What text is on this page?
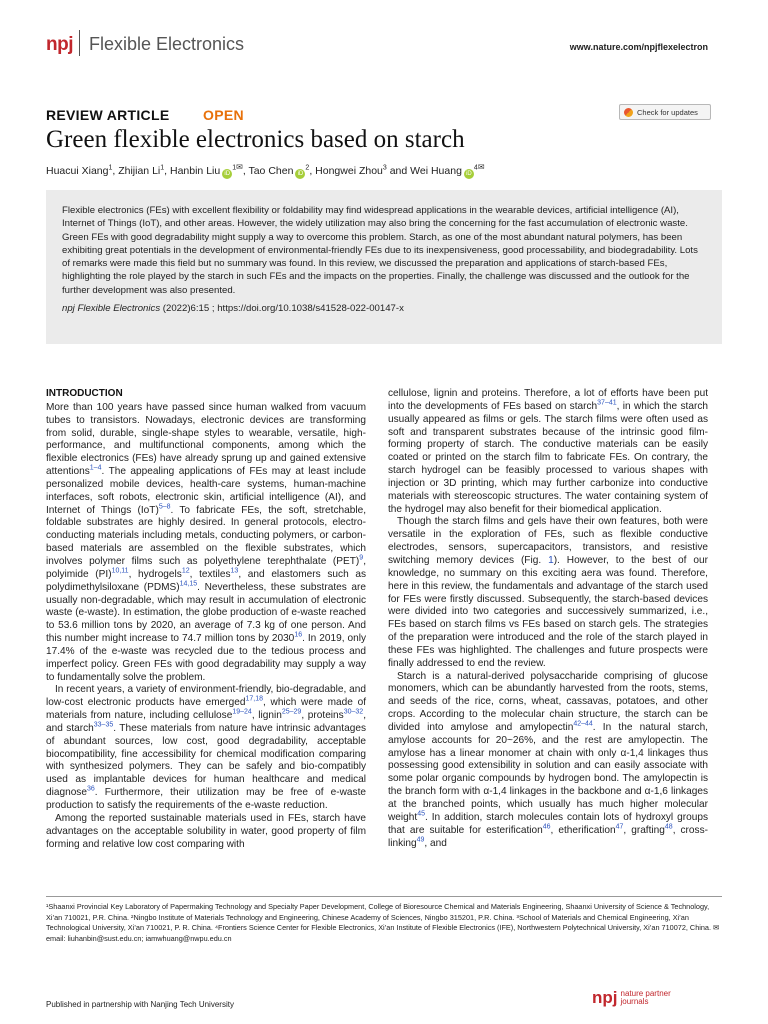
npj Flexible Electronics	www.nature.com/npjflexelectron
REVIEW ARTICLE OPEN	Check for updates
Green flexible electronics based on starch
Huacui Xiang$^1$, Zhijian Li$^1$, Hanbin Liu $iD^{1✉}$, Tao Chen $iD^2$, Hongwei Zhou$^3$ and Wei Huang $iD^{4✉}$

Flexible electronics (FEs) with excellent flexibility or foldability may find widespread applications in the wearable devices, artificial intelligence (AI), Internet of Things (IoT), and other areas. However, the widely utilization may also bring the concerning for the fast accumulation of electronic waste. Green FEs with good degradability might supply a way to overcome this problem. Starch, as one of the most abundant natural polymers, has been exhibiting great potentials in the development of environmental-friendly FEs due to its inexpensiveness, good processability, and biodegradability. Lots of remarks were made this field but no summary was found. In this review, we discussed the preparation and applications of starch-based FEs, highlighting the role played by the starch in such FEs and the impacts on the properties. Finally, the challenge was discussed and the outlook for the further development was also presented.

npj Flexible Electronics (2022)6:15 ; https://doi.org/10.1038/s41528-022-00147-x
INTRODUCTION

More than 100 years have passed since human walked from vacuum tubes to transistors. Nowadays, electronic devices are transforming from solid, durable, single-shape styles to wearable, versatile, high-performance, and multifunctional components, among which the flexible electronics (FEs) have already sprung up and gained extensive attentions$^{1-4}$. The appealing applications of FEs may at least include personalized mobile devices, health-care systems, human-machine interfaces, soft robots, electronic skin, artificial intelligence (AI), and Internet of Things (IoT)$^{5-8}$. To fabricate FEs, the soft, stretchable, foldable substrates are highly desired. In general protocols, electro-conducting materials including metals, conducting polymers, or carbon-based materials are assembled on the flexible substrates, which involves polymer films such as polyethylene terephthalate (PET)$^9$, polyimide (PI)$^{10,11}$, hydrogels$^{12}$, textiles$^{13}$, and elastomers such as polydimethylsiloxane (PDMS)$^{14,15}$. Nevertheless, these substrates are usually non-degradable, which may result in accumulation of electronic waste (e-waste). In estimation, the globe production of e-waste reached to 53.6 million tons by 2020, an average of 7.3 kg of one person. And this number might increase to 74.7 million tons by 2030$^{16}$. In 2019, only 17.4% of the e-waste was recycled due to the tedious process and imperfect policy. Green FEs with good degradability may supply a way to fundamentally solve the problem.

In recent years, a variety of environment-friendly, bio-degradable, and low-cost electronic products have emerged$^{17,18}$, which were made of materials from nature, including cellulose$^{19-24}$, lignin$^{25-29}$, proteins$^{30-32}$, and starch$^{33-35}$. These materials from nature have intrinsic advantages of abundant sources, low cost, good degradability, acceptable biocompatibility, fine accessibility for chemical modification comparing with synthesized polymers. They can be safely and bio-compatibly used as implantable devices for human healthcare and medical diagnose$^{36}$. Furthermore, their utilization may be free of e-waste production to satisfy the requirements of the e-waste reduction.

Among the reported sustainable materials used in FEs, starch have advantages on the acceptable solubility in water, good property of film forming and relative low cost comparing with

cellulose, lignin and proteins. Therefore, a lot of efforts have been put into the developments of FEs based on starch$^{37-41}$, in which the starch usually appeared as films or gels. The starch films were often used as soft and transparent substrates because of the intrinsic good film-forming property of starch. The conductive materials can be easily coated or printed on the starch film to fabricate FEs. On contrary, the starch hydrogel can be feasibly processed to various shapes with injection or 3D printing, which may further carbonize into conductive materials with stereoscopic structures. The water containing system of the hydrogel may also benefit for their biomedical application.

Though the starch films and gels have their own features, both were versatile in the exploration of FEs, such as flexible conductive electrodes, sensors, supercapacitors, transistors, and resistive switching memory devices (Fig. 1). However, to the best of our knowledge, no summary on this exciting aera was found. Therefore, here in this review, the fundamentals and advantage of the starch used for FEs were firstly discussed. Subsequently, the starch-based devices were divided into two categories and successively summarized, i.e., FEs based on starch films vs FEs based on starch gels. The strategies of the preparation were introduced and the role of the starch played in these FEs was highlighted. The challenges and future prospects were finally addressed to end the review.

Starch is a natural-derived polysaccharide comprising of glucose monomers, which can be abundantly harvested from the roots, stems, and seeds of the rice, corns, wheat, cassavas, potatoes, and other crops. According to the molecular chain structure, the starch can be divided into amylose and amylopectin$^{42-44}$. In the natural starch, amylose accounts for 20~26%, and the rest are amylopectin. The amylose has a linear monomer at chain with only α-1,4 linkages thus possessing good extensibility in solution and can easily associate with some polar organic compounds by hydrogen bond. The amylopectin is the branch form with α-1,4 linkages in the backbone and α-1,6 linkages at the branched points, which usually has much higher molecular weight$^{45}$. In addition, starch molecules contain lots of hydroxyl groups that are suitable for esterification$^{46}$, etherification$^{47}$, grafting$^{48}$, cross-linking$^{49}$, and

¹Shaanxi Provincial Key Laboratory of Papermaking Technology and Specialty Paper Development, College of Bioresource Chemical and Materials Engineering, Shaanxi University of Science & Technology, Xi’an 710021, P.R. China. ²Ningbo Institute of Materials Technology and Engineering, Chinese Academy of Sciences, Ningbo 315201, P.R. China. ³School of Materials and Chemical Engineering, Xi’an Technological University, Xi’an 710021, P. R. China. ⁴Frontiers Science Center for Flexible Electronics, Xi’an Institute of Flexible Electronics (IFE), Northwestern Polytechnical University, Xi’an 710072, China. ✉email: liuhanbin@sust.edu.cn; iamwhuang@nwpu.edu.cn
Published in partnership with Nanjing Tech University	npj nature partner
journals
